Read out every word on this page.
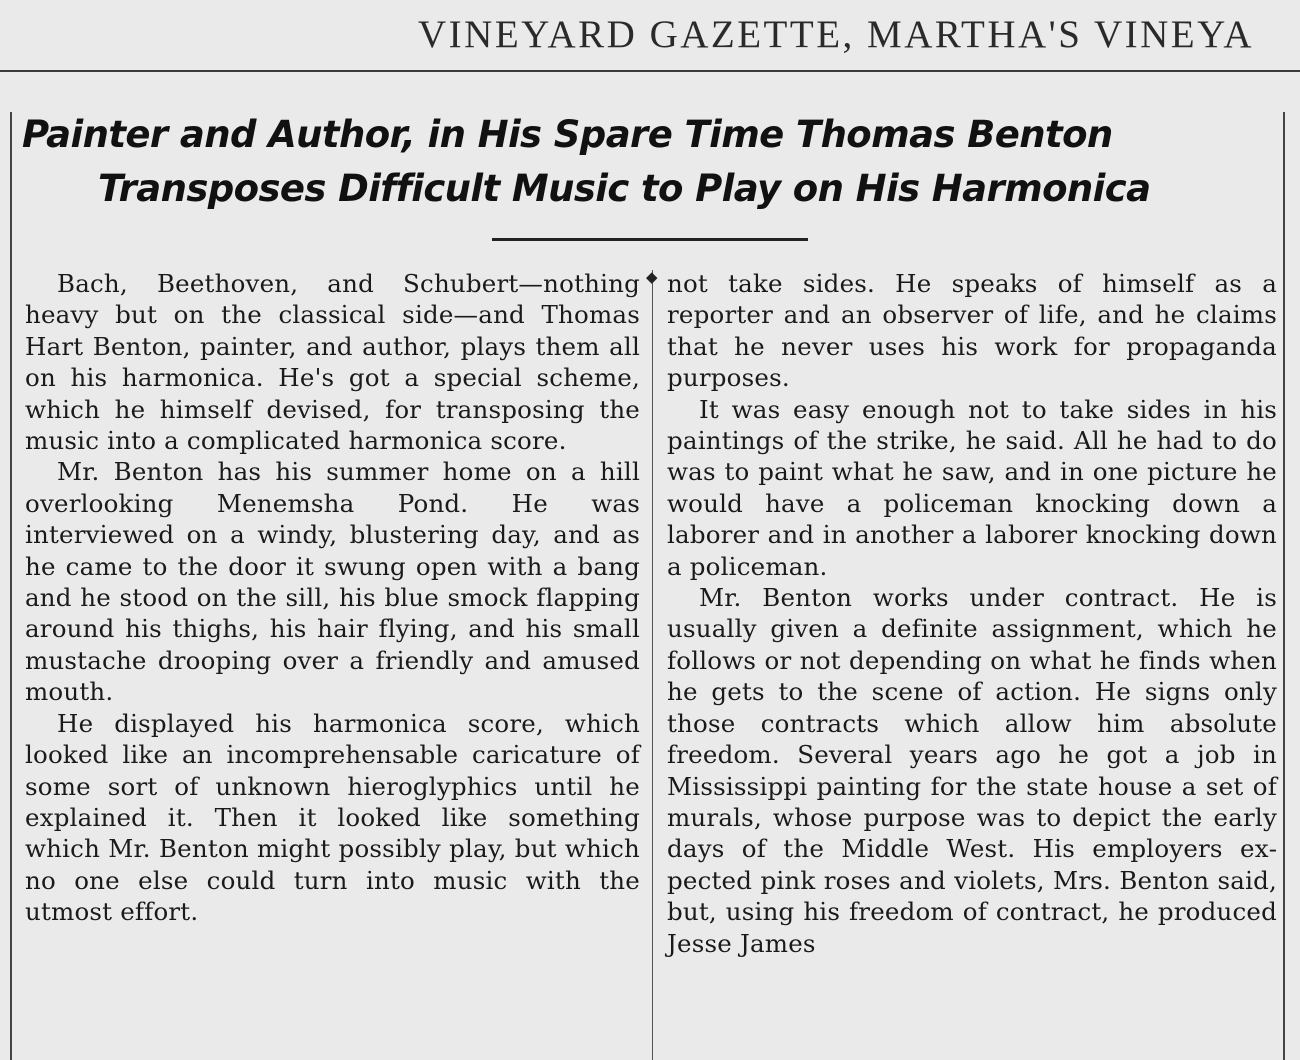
VINEYARD GAZETTE, MARTHA'S VINEYA
Painter and Author, in His Spare Time Thomas Benton
Transposes Difficult Music to Play on His Harmonica
◆

Bach, Beethoven, and Schubert—nothing heavy but on the classical side—and Thomas Hart Benton, painter, and author, plays them all on his harmonica. He's got a special scheme, which he himself devised, for transposing the music into a complicated harmonica score.

Mr. Benton has his summer home on a hill overlooking Menemsha Pond. He was interviewed on a windy, blustering day, and as he came to the door it swung open with a bang and he stood on the sill, his blue smock flapping around his thighs, his hair flying, and his small mustache drooping over a friendly and amused mouth.

He displayed his harmonica score, which looked like an incomprehensable caricature of some sort of unknown hieroglyphics until he explained it. Then it looked like something which Mr. Benton might possibly play, but which no one else could turn into music with the utmost effort.

not take sides. He speaks of himself as a reporter and an observer of life, and he claims that he never uses his work for propaganda purposes.

It was easy enough not to take sides in his paintings of the strike, he said. All he had to do was to paint what he saw, and in one picture he would have a policeman knocking down a laborer and in another a laborer knocking down a policeman.

Mr. Benton works under contract. He is usually given a definite assignment, which he follows or not depending on what he finds when he gets to the scene of action. He signs only those contracts which allow him absolute freedom. Several years ago he got a job in Mississippi painting for the state house a set of murals, whose purpose was to depict the early days of the Middle West. His employers expected pink roses and violets, Mrs. Benton said, but, using his freedom of contract, he produced Jesse James
